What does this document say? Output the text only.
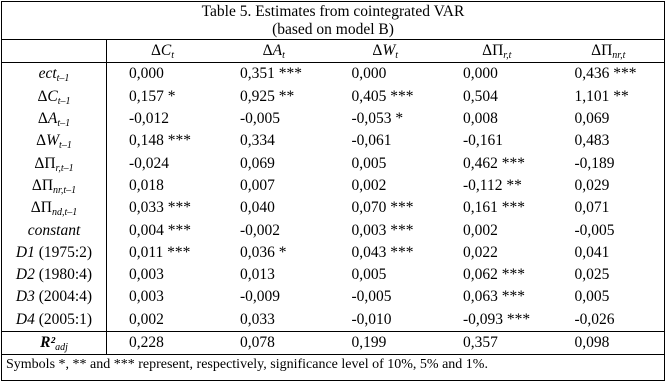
Table 5. Estimates from cointegrated VAR
(based on model B)
	$\Delta C_t$	$\Delta A_t$	$\Delta W_t$	$\Delta\Pi_{r,t}$	$\Delta\Pi_{nr,t}$
ect$_{t-1}$	0,000	0,351 ***	0,000	0,000	0,436 ***
$\Delta C_{t-1}$	0,157 *	0,925 **	0,405 ***	0,504	1,101 **
$\Delta A_{t-1}$	-0,012	-0,005	-0,053 *	0,008	0,069
$\Delta W_{t-1}$	0,148 ***	0,334	-0,061	-0,161	0,483
$\Delta\Pi_{r,t-1}$	-0,024	0,069	0,005	0,462 ***	-0,189
$\Delta\Pi_{nr,t-1}$	0,018	0,007	0,002	-0,112 **	0,029
$\Delta\Pi_{nd,t-1}$	0,033 ***	0,040	0,070 ***	0,161 ***	0,071
constant	0,004 ***	-0,002	0,003 ***	0,002	-0,005
D1 (1975:2)	0,011 ***	0,036 *	0,043 ***	0,022	0,041
D2 (1980:4)	0,003	0,013	0,005	0,062 ***	0,025
D3 (2004:4)	0,003	-0,009	-0,005	0,063 ***	0,005
D4 (2005:1)	0,002	0,033	-0,010	-0,093 ***	-0,026
$R^2_{adj}$	0,228	0,078	0,199	0,357	0,098
Symbols *, ** and *** represent, respectively, significance level of 10%, 5% and 1%.
